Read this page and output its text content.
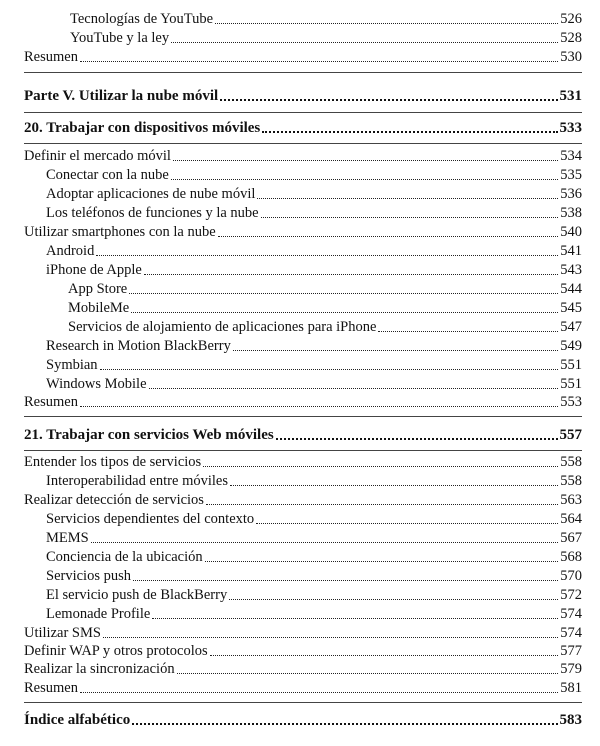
Tecnologías de YouTube	526
YouTube y la ley	528
Resumen	530
Parte V. Utilizar la nube móvil	531
20. Trabajar con dispositivos móviles	533
Definir el mercado móvil	534
Conectar con la nube	535
Adoptar aplicaciones de nube móvil	536
Los teléfonos de funciones y la nube	538
Utilizar smartphones con la nube	540
Android	541
iPhone de Apple	543
App Store	544
MobileMe	545
Servicios de alojamiento de aplicaciones para iPhone	547
Research in Motion BlackBerry	549
Symbian	551
Windows Mobile	551
Resumen	553
21. Trabajar con servicios Web móviles	557
Entender los tipos de servicios	558
Interoperabilidad entre móviles	558
Realizar detección de servicios	563
Servicios dependientes del contexto	564
MEMS	567
Conciencia de la ubicación	568
Servicios push	570
El servicio push de BlackBerry	572
Lemonade Profile	574
Utilizar SMS	574
Definir WAP y otros protocolos	577
Realizar la sincronización	579
Resumen	581
Índice alfabético	583
